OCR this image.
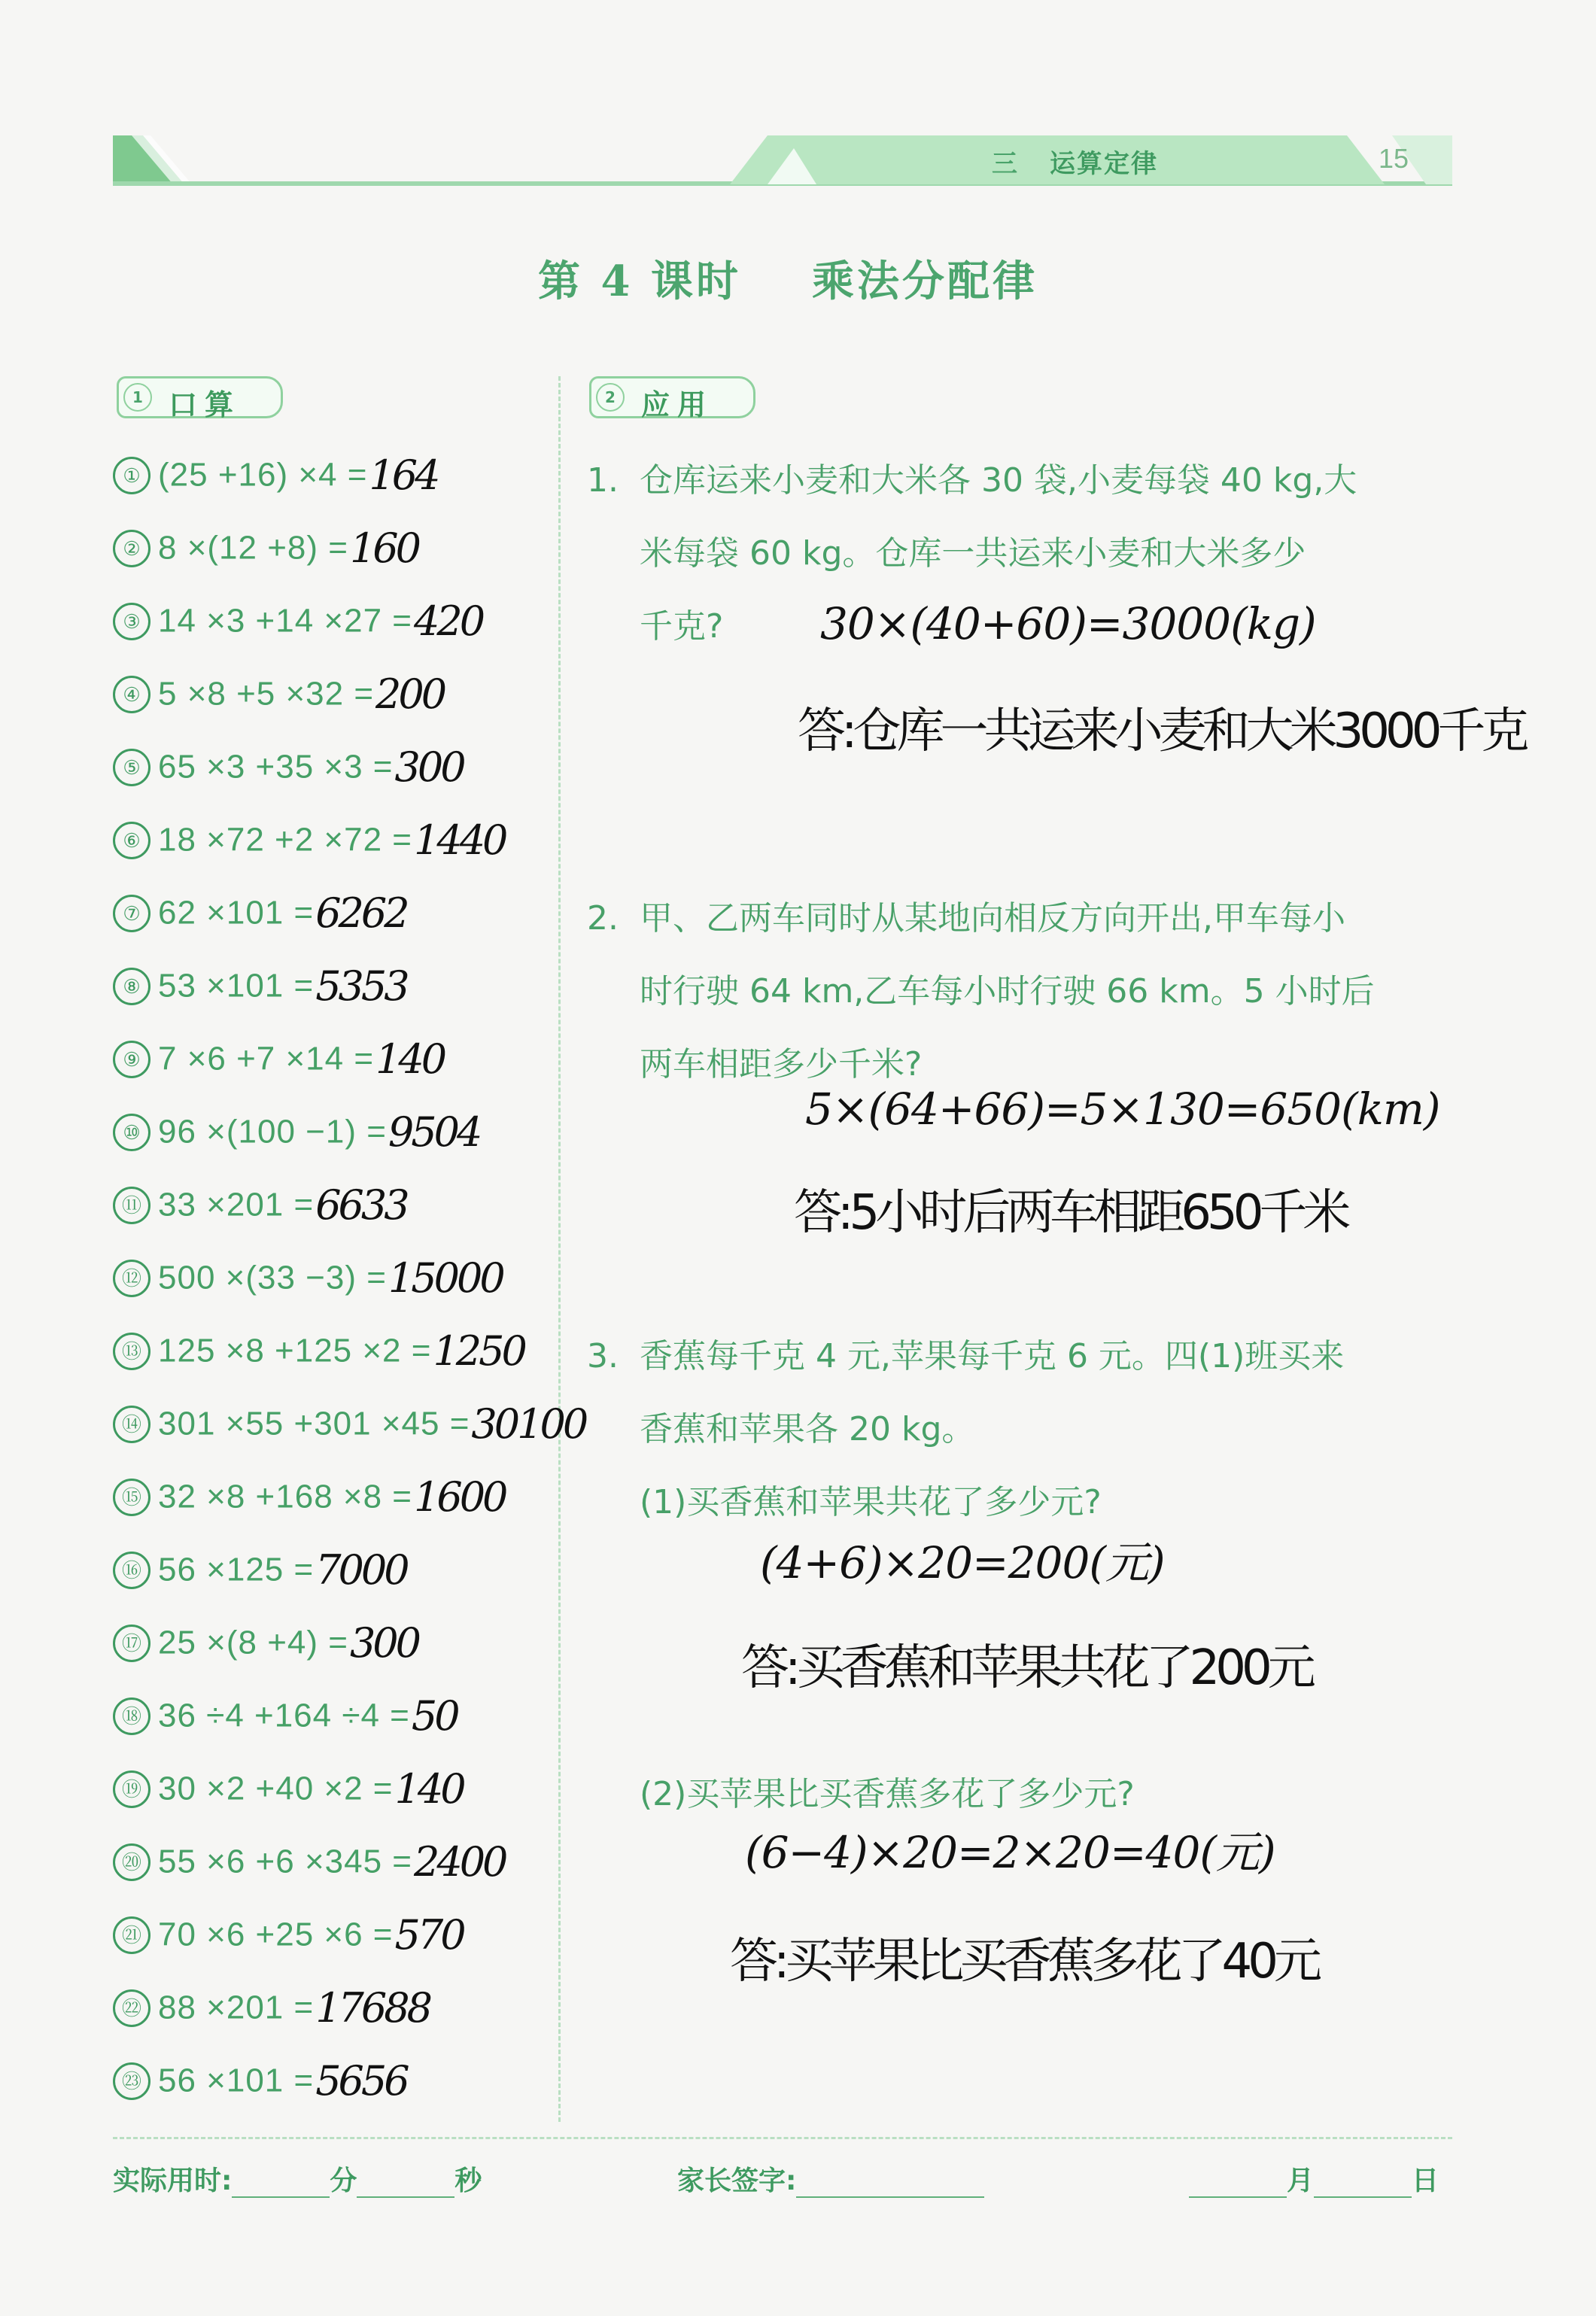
三 运算定律	15
第 4 课时    乘法分配律
1 口算	2 应用
① (25 +16) ×4 =164
② 8 ×(12 +8) =160
③ 14 ×3 +14 ×27 =420
④ 5 ×8 +5 ×32 =200
⑤ 65 ×3 +35 ×3 =300
⑥ 18 ×72 +2 ×72 =1440
⑦ 62 ×101 =6262
⑧ 53 ×101 =5353
⑨ 7 ×6 +7 ×14 =140
⑩ 96 ×(100 −1) =9504
⑪ 33 ×201 =6633
⑫ 500 ×(33 −3) =15000
⑬ 125 ×8 +125 ×2 =1250
⑭ 301 ×55 +301 ×45 =30100
⑮ 32 ×8 +168 ×8 =1600
⑯ 56 ×125 =7000
⑰ 25 ×(8 +4) =300
⑱ 36 ÷4 +164 ÷4 =50
⑲ 30 ×2 +40 ×2 =140
⑳ 55 ×6 +6 ×345 =2400
㉑ 70 ×6 +25 ×6 =570
㉒ 88 ×201 =17688
㉓ 56 ×101 =5656
1. 仓库运来小麦和大米各 30 袋,小麦每袋 40 kg,大
米每袋 60 kg。仓库一共运来小麦和大米多少
千克? 30×(40+60)=3000(kg)
答:仓库一共运来小麦和大米3000千克
2. 甲、乙两车同时从某地向相反方向开出,甲车每小
时行驶 64 km,乙车每小时行驶 66 km。5 小时后
两车相距多少千米?
5×(64+66)=5×130=650(km)
答:5小时后两车相距650千米
3. 香蕉每千克 4 元,苹果每千克 6 元。四(1)班买来
香蕉和苹果各 20 kg。
(1)买香蕉和苹果共花了多少元?
(4+6)×20=200(元)
答:买香蕉和苹果共花了200元
(2)买苹果比买香蕉多花了多少元?
(6−4)×20=2×20=40(元)
答:买苹果比买香蕉多花了40元
实际用时:	分	秒	家长签字:	月	日
